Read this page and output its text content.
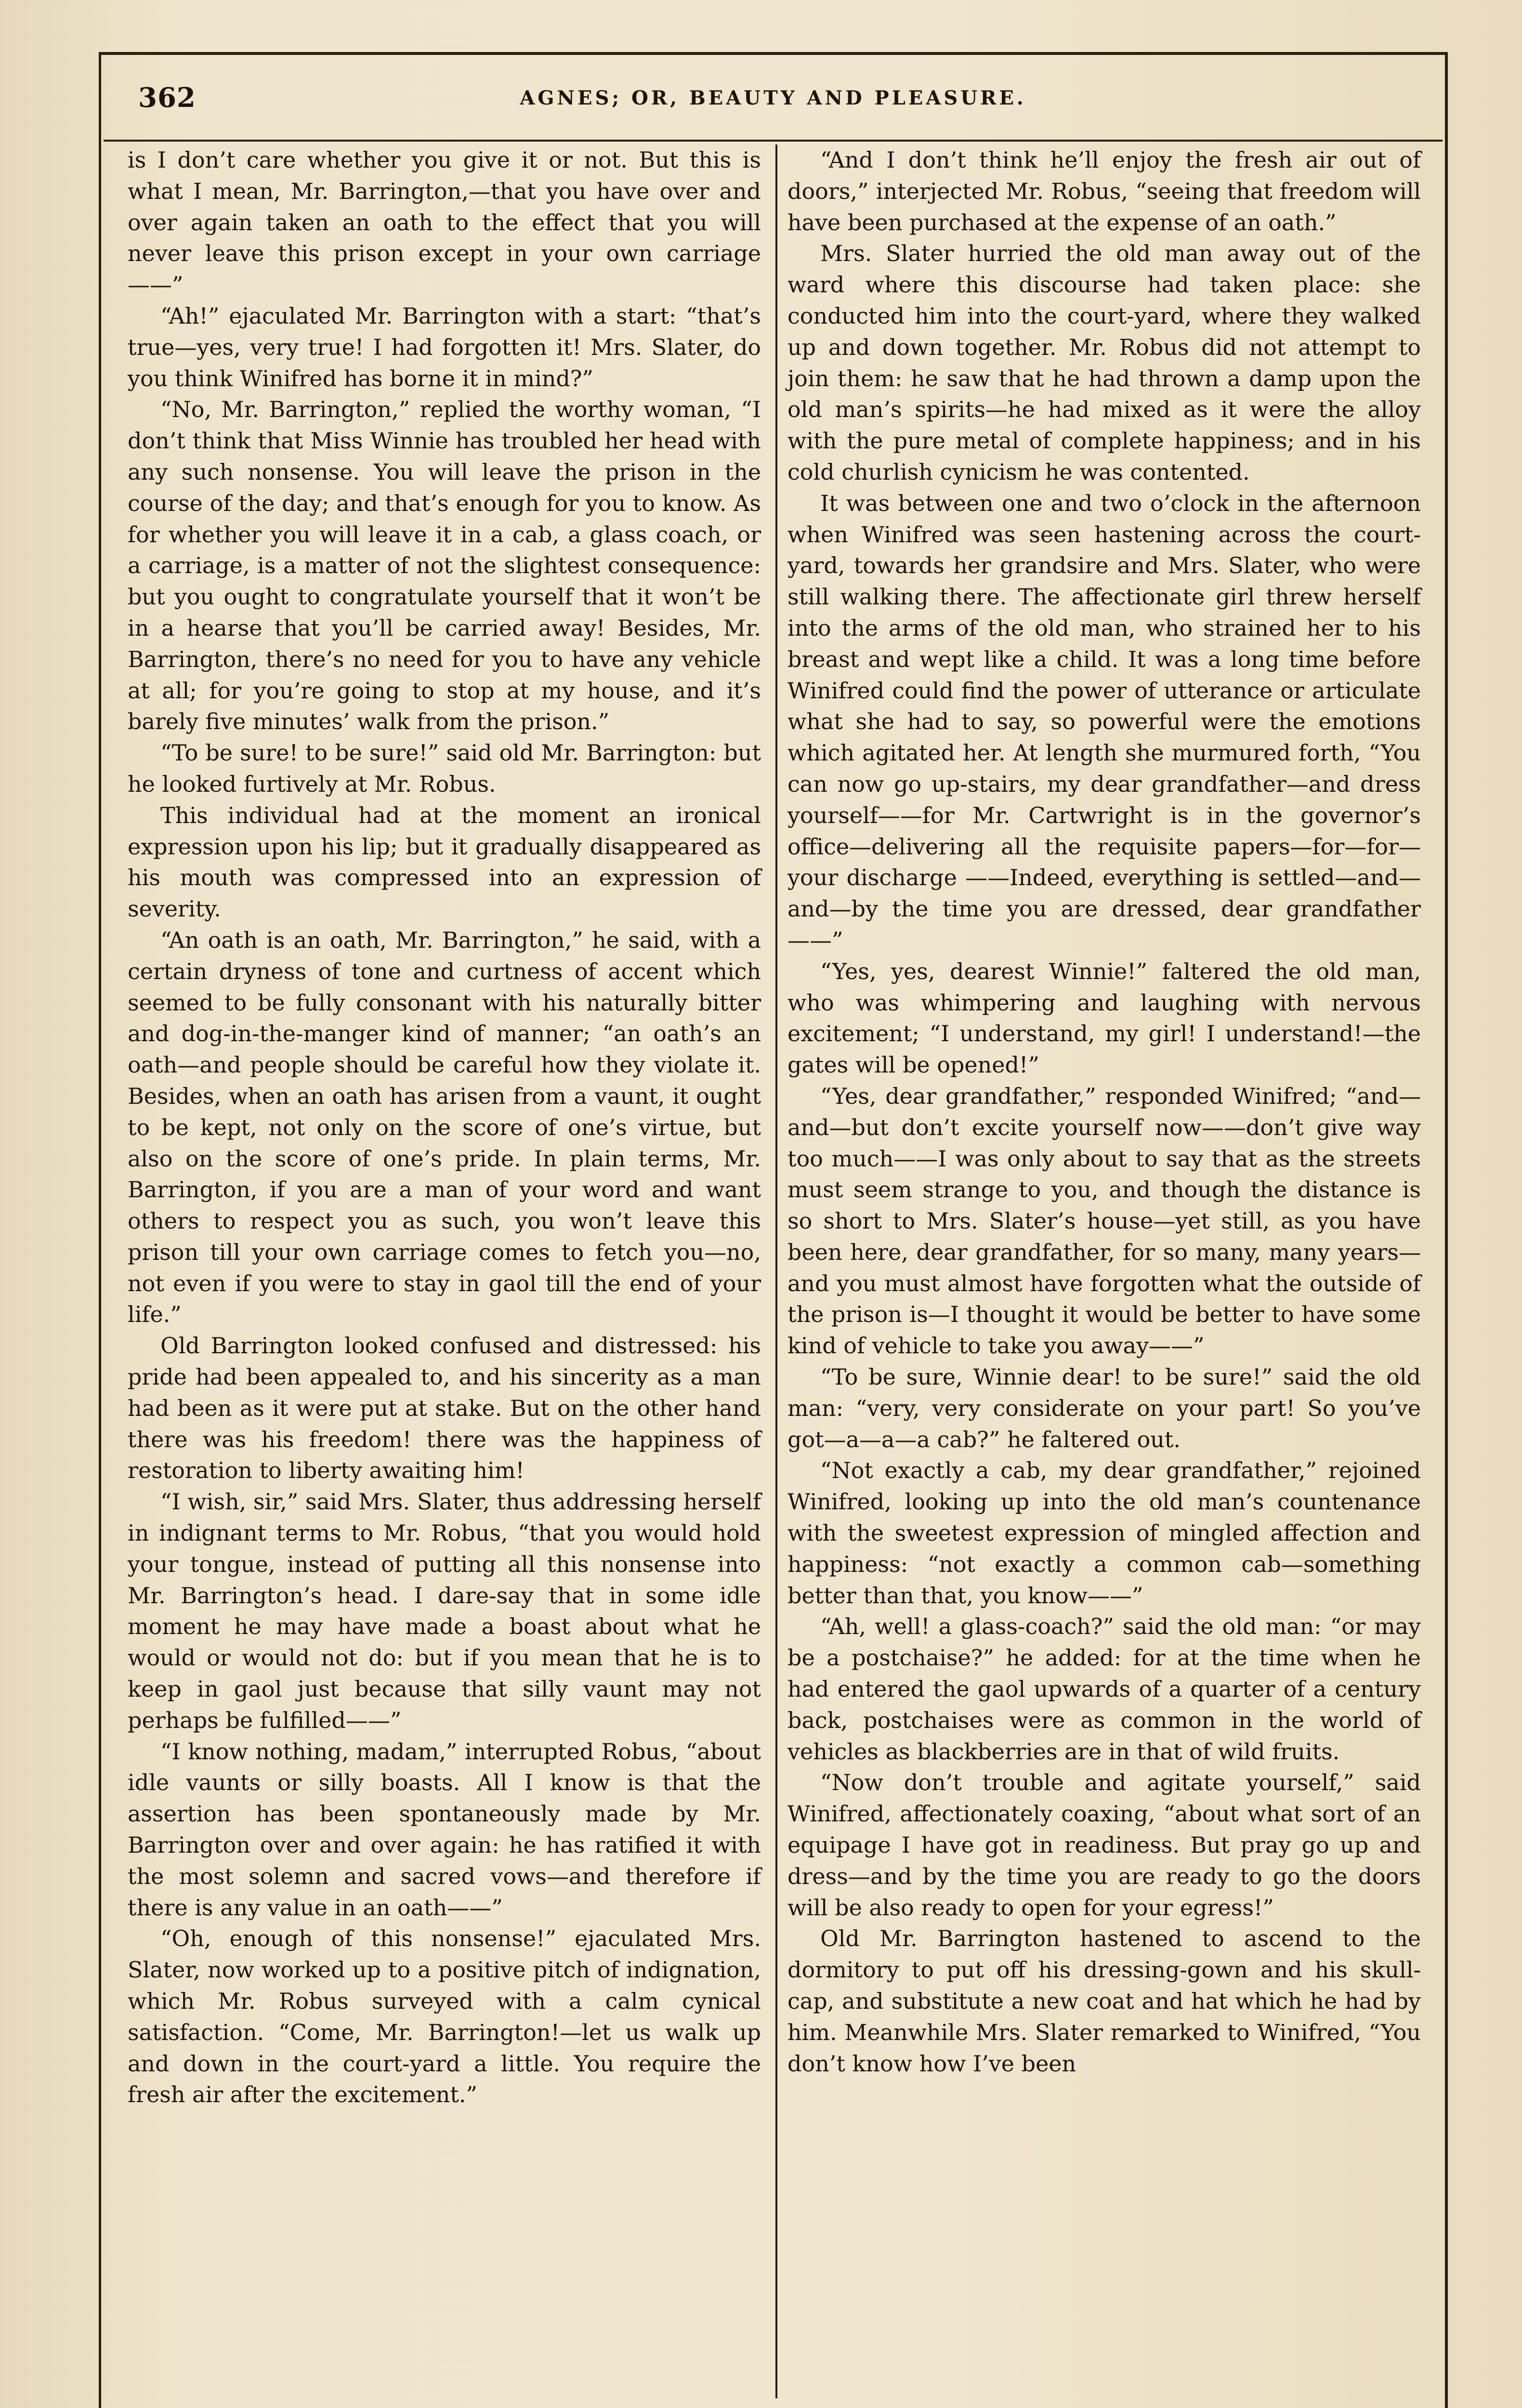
AGNES; OR, BEAUTY AND PLEASURE.
362

is I don’t care whether you give it or not. But this is what I mean, Mr. Barrington,—that you have over and over again taken an oath to the effect that you will never leave this prison except in your own carriage——”

“Ah!” ejaculated Mr. Barrington with a start: “that’s true—yes, very true! I had forgotten it! Mrs. Slater, do you think Winifred has borne it in mind?”

“No, Mr. Barrington,” replied the worthy woman, “I don’t think that Miss Winnie has troubled her head with any such nonsense. You will leave the prison in the course of the day; and that’s enough for you to know. As for whether you will leave it in a cab, a glass coach, or a carriage, is a matter of not the slightest consequence: but you ought to congratulate yourself that it won’t be in a hearse that you’ll be carried away! Besides, Mr. Barrington, there’s no need for you to have any vehicle at all; for you’re going to stop at my house, and it’s barely five minutes’ walk from the prison.”

“To be sure! to be sure!” said old Mr. Barrington: but he looked furtively at Mr. Robus.

This individual had at the moment an ironical expression upon his lip; but it gradually disappeared as his mouth was compressed into an expression of severity.

“An oath is an oath, Mr. Barrington,” he said, with a certain dryness of tone and curtness of accent which seemed to be fully consonant with his naturally bitter and dog-in-the-manger kind of manner; “an oath’s an oath—and people should be careful how they violate it. Besides, when an oath has arisen from a vaunt, it ought to be kept, not only on the score of one’s virtue, but also on the score of one’s pride. In plain terms, Mr. Barrington, if you are a man of your word and want others to respect you as such, you won’t leave this prison till your own carriage comes to fetch you—no, not even if you were to stay in gaol till the end of your life.”

Old Barrington looked confused and distressed: his pride had been appealed to, and his sincerity as a man had been as it were put at stake. But on the other hand there was his freedom! there was the happiness of restoration to liberty awaiting him!

“I wish, sir,” said Mrs. Slater, thus addressing herself in indignant terms to Mr. Robus, “that you would hold your tongue, instead of putting all this nonsense into Mr. Barrington’s head. I dare-say that in some idle moment he may have made a boast about what he would or would not do: but if you mean that he is to keep in gaol just because that silly vaunt may not perhaps be fulfilled——”

“I know nothing, madam,” interrupted Robus, “about idle vaunts or silly boasts. All I know is that the assertion has been spontaneously made by Mr. Barrington over and over again: he has ratified it with the most solemn and sacred vows—and therefore if there is any value in an oath——”

“Oh, enough of this nonsense!” ejaculated Mrs. Slater, now worked up to a positive pitch of indignation, which Mr. Robus surveyed with a calm cynical satisfaction. “Come, Mr. Barrington!—let us walk up and down in the court-yard a little. You require the fresh air after the excitement.”

“And I don’t think he’ll enjoy the fresh air out of doors,” interjected Mr. Robus, “seeing that freedom will have been purchased at the expense of an oath.”

Mrs. Slater hurried the old man away out of the ward where this discourse had taken place: she conducted him into the court-yard, where they walked up and down together. Mr. Robus did not attempt to join them: he saw that he had thrown a damp upon the old man’s spirits—he had mixed as it were the alloy with the pure metal of complete happiness; and in his cold churlish cynicism he was contented.

It was between one and two o’clock in the afternoon when Winifred was seen hastening across the court-yard, towards her grandsire and Mrs. Slater, who were still walking there. The affectionate girl threw herself into the arms of the old man, who strained her to his breast and wept like a child. It was a long time before Winifred could find the power of utterance or articulate what she had to say, so powerful were the emotions which agitated her. At length she murmured forth, “You can now go up-stairs, my dear grandfather—and dress yourself——for Mr. Cartwright is in the governor’s office—delivering all the requisite papers—for—for—your discharge ——Indeed, everything is settled—and—and—by the time you are dressed, dear grandfather——”

“Yes, yes, dearest Winnie!” faltered the old man, who was whimpering and laughing with nervous excitement; “I understand, my girl! I understand!—the gates will be opened!”

“Yes, dear grandfather,” responded Winifred; “and—and—but don’t excite yourself now——don’t give way too much——I was only about to say that as the streets must seem strange to you, and though the distance is so short to Mrs. Slater’s house—yet still, as you have been here, dear grandfather, for so many, many years—and you must almost have forgotten what the outside of the prison is—I thought it would be better to have some kind of vehicle to take you away——”

“To be sure, Winnie dear! to be sure!” said the old man: “very, very considerate on your part! So you’ve got—a—a—a cab?” he faltered out.

“Not exactly a cab, my dear grandfather,” rejoined Winifred, looking up into the old man’s countenance with the sweetest expression of mingled affection and happiness: “not exactly a common cab—something better than that, you know——”

“Ah, well! a glass-coach?” said the old man: “or may be a postchaise?” he added: for at the time when he had entered the gaol upwards of a quarter of a century back, postchaises were as common in the world of vehicles as blackberries are in that of wild fruits.

“Now don’t trouble and agitate yourself,” said Winifred, affectionately coaxing, “about what sort of an equipage I have got in readiness. But pray go up and dress—and by the time you are ready to go the doors will be also ready to open for your egress!”

Old Mr. Barrington hastened to ascend to the dormitory to put off his dressing-gown and his skull-cap, and substitute a new coat and hat which he had by him. Meanwhile Mrs. Slater remarked to Winifred, “You don’t know how I’ve been
